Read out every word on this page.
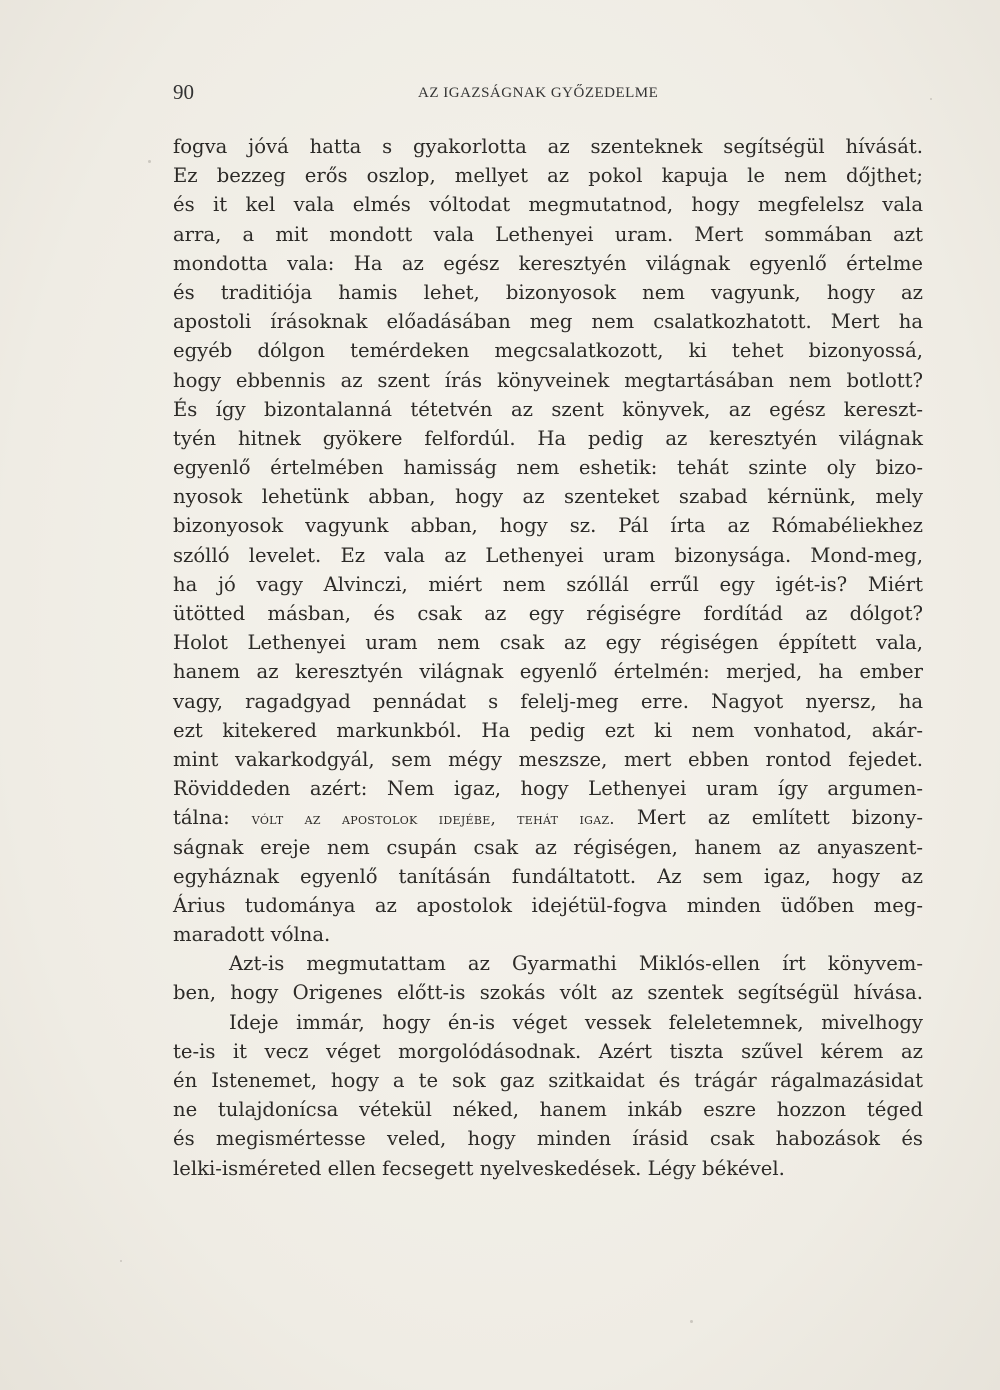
90	AZ IGAZSÁGNAK GYŐZEDELME
fogva jóvá hatta s gyakorlotta az szenteknek segítségül hívását.
Ez bezzeg erős oszlop, mellyet az pokol kapuja le nem dőjthet;
és it kel vala elmés vóltodat megmutatnod, hogy megfelelsz vala
arra, a mit mondott vala Lethenyei uram. Mert sommában azt
mondotta vala: Ha az egész keresztyén világnak egyenlő értelme
és traditiója hamis lehet, bizonyosok nem vagyunk, hogy az
apostoli írásoknak előadásában meg nem csalatkozhatott. Mert ha
egyéb dólgon temérdeken megcsalatkozott, ki tehet bizonyossá,
hogy ebbennis az szent írás könyveinek megtartásában nem botlott?
És így bizontalanná tétetvén az szent könyvek, az egész kereszt-
tyén hitnek gyökere felfordúl. Ha pedig az keresztyén világnak
egyenlő értelmében hamisság nem eshetik: tehát szinte oly bizo-
nyosok lehetünk abban, hogy az szenteket szabad kérnünk, mely
bizonyosok vagyunk abban, hogy sz. Pál írta az Rómabéliekhez
szólló levelet. Ez vala az Lethenyei uram bizonysága. Mond-meg,
ha jó vagy Alvinczi, miért nem szóllál errűl egy igét-is? Miért
ütötted másban, és csak az egy régiségre fordítád az dólgot?
Holot Lethenyei uram nem csak az egy régiségen éppített vala,
hanem az keresztyén világnak egyenlő értelmén: merjed, ha ember
vagy, ragadgyad pennádat s felelj-meg erre. Nagyot nyersz, ha
ezt kitekered markunkból. Ha pedig ezt ki nem vonhatod, akár-
mint vakarkodgyál, sem mégy meszsze, mert ebben rontod fejedet.
Röviddeden azért: Nem igaz, hogy Lethenyei uram így argumen-
tálna: vólt az apostolok idejébe, tehát igaz. Mert az említett bizony-
ságnak ereje nem csupán csak az régiségen, hanem az anyaszent-
egyháznak egyenlő tanításán fundáltatott. Az sem igaz, hogy az
Árius tudománya az apostolok idejétül-fogva minden üdőben meg-
maradott vólna.
Azt-is megmutattam az Gyarmathi Miklós-ellen írt könyvem-
ben, hogy Origenes előtt-is szokás vólt az szentek segítségül hívása.
Ideje immár, hogy én-is véget vessek feleletemnek, mivelhogy
te-is it vecz véget morgolódásodnak. Azért tiszta szűvel kérem az
én Istenemet, hogy a te sok gaz szitkaidat és trágár rágalmazásidat
ne tulajdonícsa vétekül néked, hanem inkáb eszre hozzon téged
és megismértesse veled, hogy minden írásid csak habozások és
lelki-isméreted ellen fecsegett nyelveskedések. Légy békével.
